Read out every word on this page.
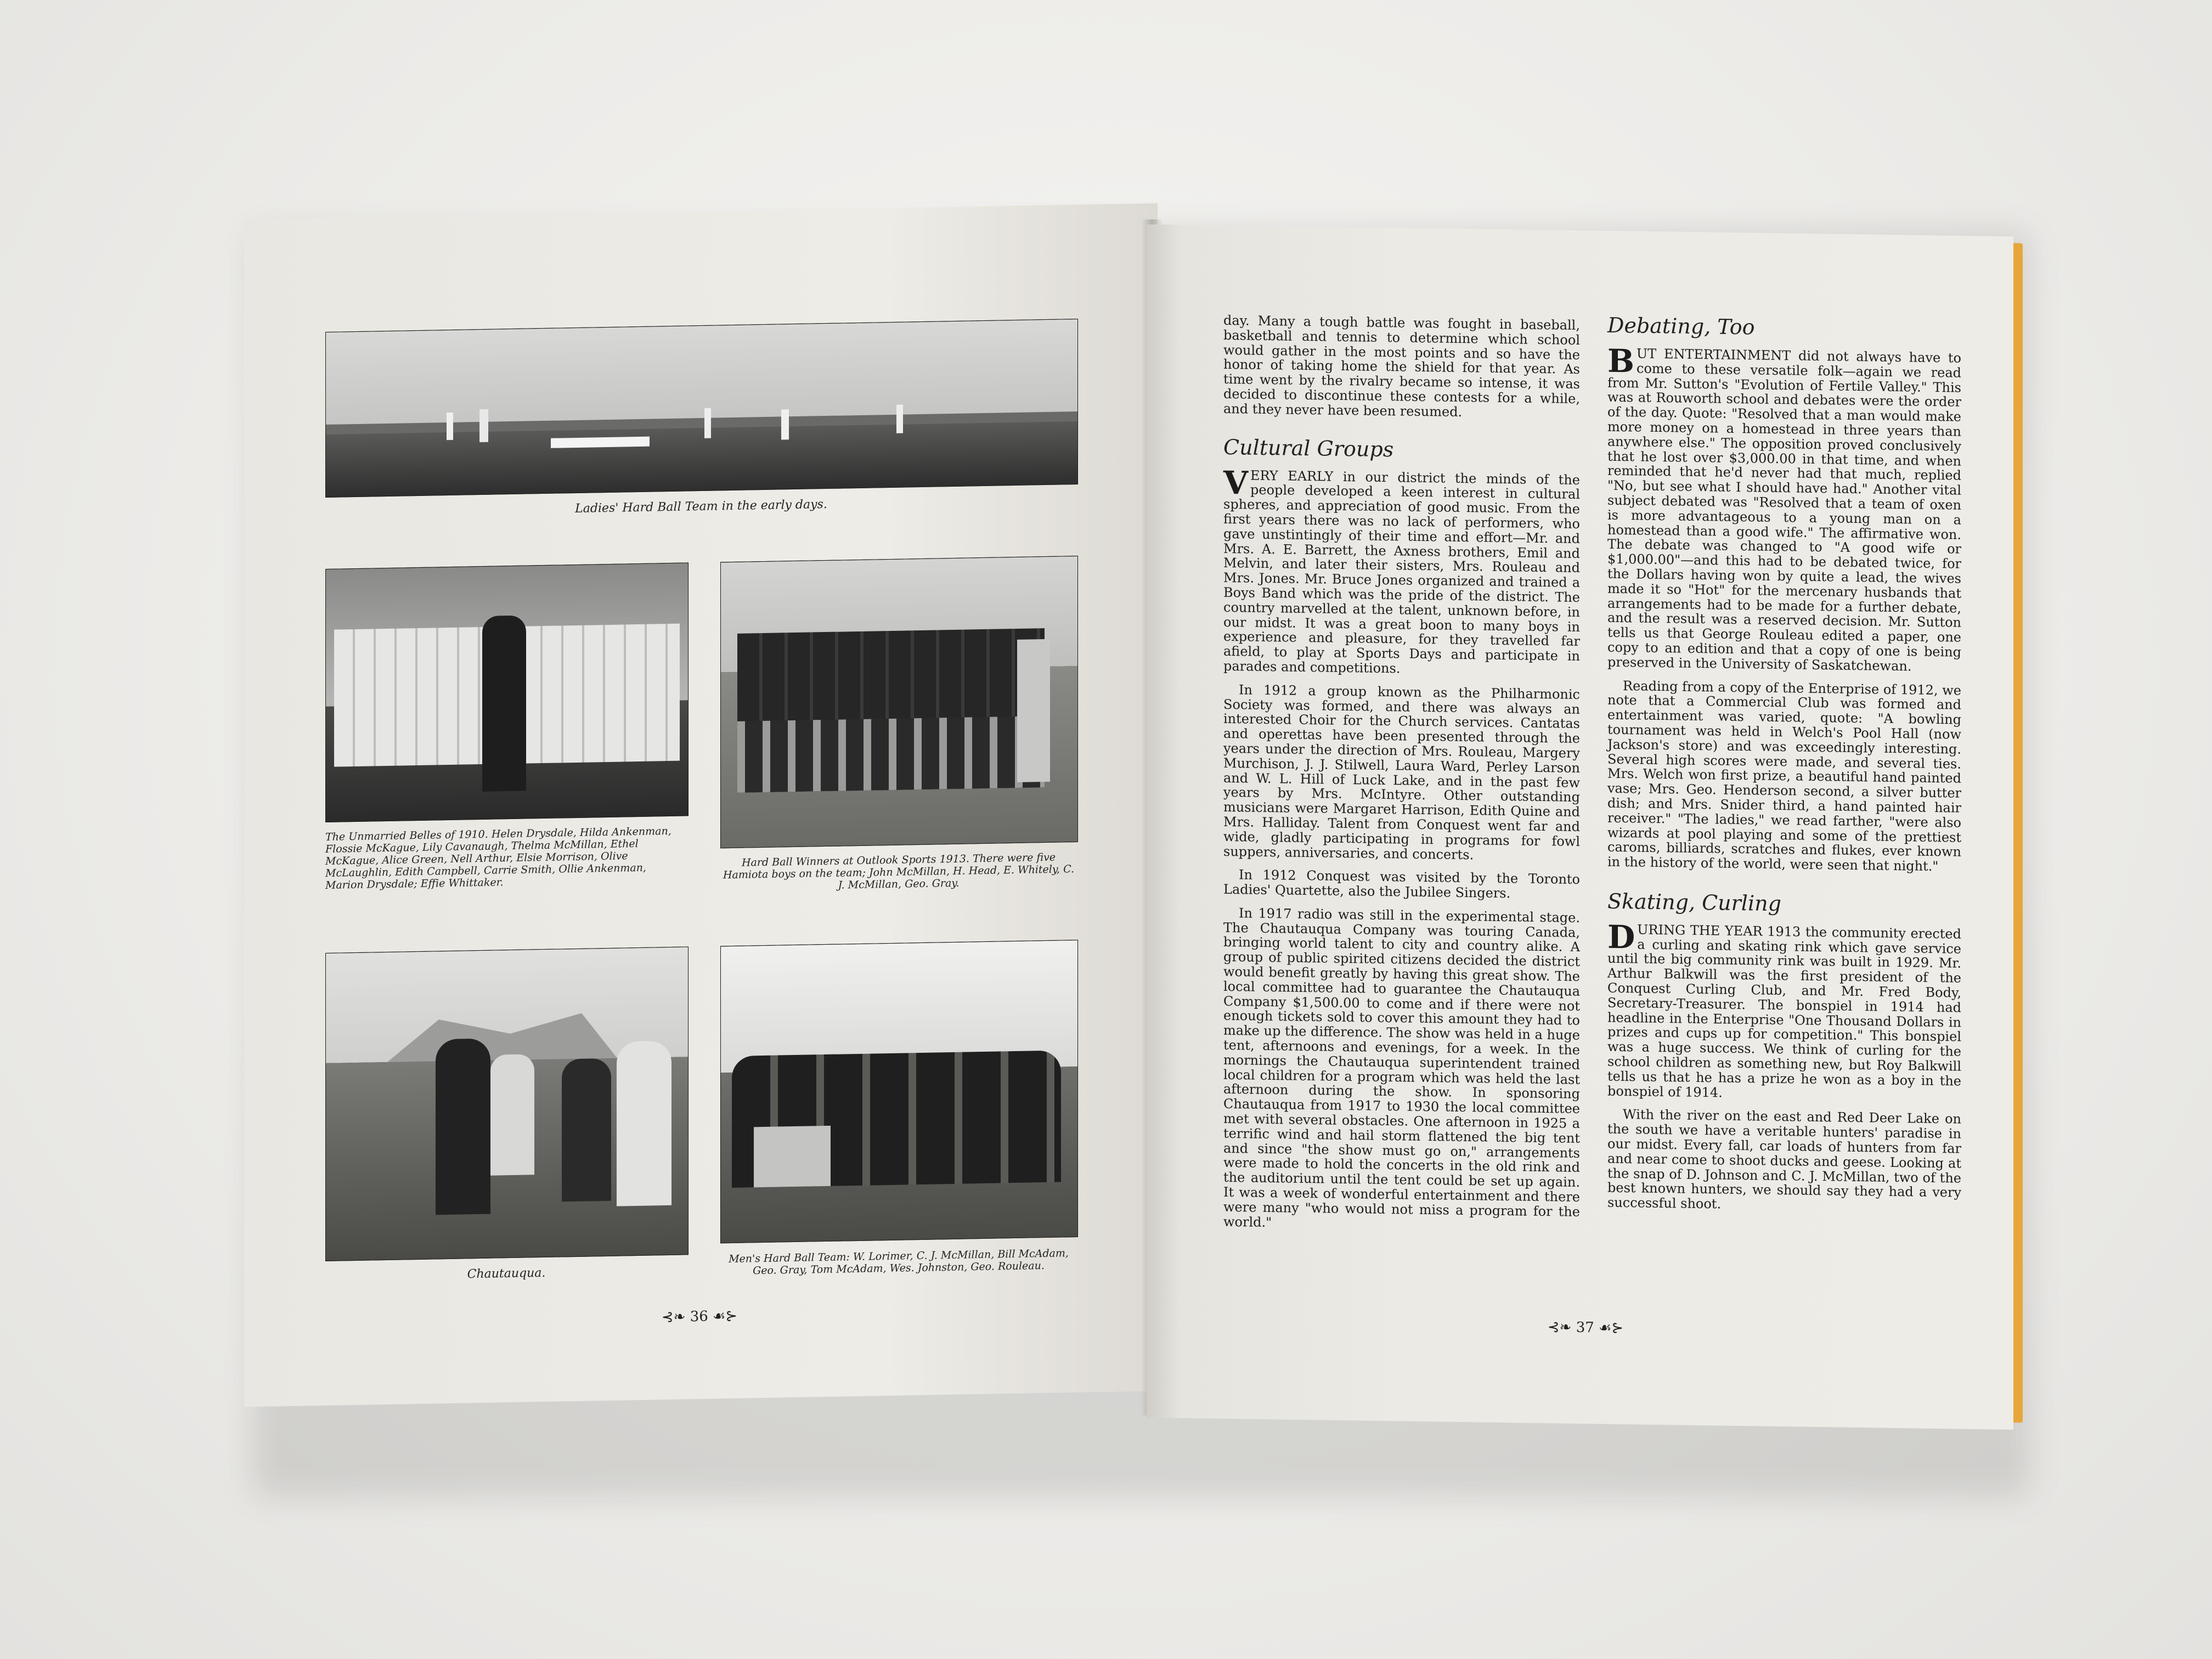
Ladies' Hard Ball Team in the early days.
The Unmarried Belles of 1910. Helen Drysdale, Hilda Ankenman, Flossie McKague, Lily Cavanaugh, Thelma McMillan, Ethel McKague, Alice Green, Nell Arthur, Elsie Morrison, Olive McLaughlin, Edith Campbell, Carrie Smith, Ollie Ankenman, Marion Drysdale; Effie Whittaker.
Hard Ball Winners at Outlook Sports 1913. There were five Hamiota boys on the team; John McMillan, H. Head, E. Whitely, C. J. McMillan, Geo. Gray.
Chautauqua.
Men's Hard Ball Team: W. Lorimer, C. J. McMillan, Bill McAdam, Geo. Gray, Tom McAdam, Wes. Johnston, Geo. Rouleau.
⊰❧ 36 ☙⊱

day. Many a tough battle was fought in baseball, basketball and tennis to determine which school would gather in the most points and so have the honor of taking home the shield for that year. As time went by the rivalry became so intense, it was decided to discontinue these contests for a while, and they never have been resumed.

Cultural Groups

VERY EARLY in our district the minds of the people developed a keen interest in cultural spheres, and appreciation of good music. From the first years there was no lack of performers, who gave unstintingly of their time and effort—Mr. and Mrs. A. E. Barrett, the Axness brothers, Emil and Melvin, and later their sisters, Mrs. Rouleau and Mrs. Jones. Mr. Bruce Jones organized and trained a Boys Band which was the pride of the district. The country marvelled at the talent, unknown before, in our midst. It was a great boon to many boys in experience and pleasure, for they travelled far afield, to play at Sports Days and participate in parades and competitions.

In 1912 a group known as the Philharmonic Society was formed, and there was always an interested Choir for the Church services. Cantatas and operettas have been presented through the years under the direction of Mrs. Rouleau, Margery Murchison, J. J. Stilwell, Laura Ward, Perley Larson and W. L. Hill of Luck Lake, and in the past few years by Mrs. McIntyre. Other outstanding musicians were Margaret Harrison, Edith Quine and Mrs. Halliday. Talent from Conquest went far and wide, gladly participating in programs for fowl suppers, anniversaries, and concerts.

In 1912 Conquest was visited by the Toronto Ladies' Quartette, also the Jubilee Singers.

In 1917 radio was still in the experimental stage. The Chautauqua Company was touring Canada, bringing world talent to city and country alike. A group of public spirited citizens decided the district would benefit greatly by having this great show. The local committee had to guarantee the Chautauqua Company $1,500.00 to come and if there were not enough tickets sold to cover this amount they had to make up the difference. The show was held in a huge tent, afternoons and evenings, for a week. In the mornings the Chautauqua superintendent trained local children for a program which was held the last afternoon during the show. In sponsoring Chautauqua from 1917 to 1930 the local committee met with several obstacles. One afternoon in 1925 a terrific wind and hail storm flattened the big tent and since "the show must go on," arrangements were made to hold the concerts in the old rink and the auditorium until the tent could be set up again. It was a week of wonderful entertainment and there were many "who would not miss a program for the world."

Debating, Too

BUT ENTERTAINMENT did not always have to come to these versatile folk—again we read from Mr. Sutton's "Evolution of Fertile Valley." This was at Rouworth school and debates were the order of the day. Quote: "Resolved that a man would make more money on a homestead in three years than anywhere else." The opposition proved conclusively that he lost over $3,000.00 in that time, and when reminded that he'd never had that much, replied "No, but see what I should have had." Another vital subject debated was "Resolved that a team of oxen is more advantageous to a young man on a homestead than a good wife." The affirmative won. The debate was changed to "A good wife or $1,000.00"—and this had to be debated twice, for the Dollars having won by quite a lead, the wives made it so "Hot" for the mercenary husbands that arrangements had to be made for a further debate, and the result was a reserved decision. Mr. Sutton tells us that George Rouleau edited a paper, one copy to an edition and that a copy of one is being preserved in the University of Saskatchewan.

Reading from a copy of the Enterprise of 1912, we note that a Commercial Club was formed and entertainment was varied, quote: "A bowling tournament was held in Welch's Pool Hall (now Jackson's store) and was exceedingly interesting. Several high scores were made, and several ties. Mrs. Welch won first prize, a beautiful hand painted vase; Mrs. Geo. Henderson second, a silver butter dish; and Mrs. Snider third, a hand painted hair receiver." "The ladies," we read farther, "were also wizards at pool playing and some of the prettiest caroms, billiards, scratches and flukes, ever known in the history of the world, were seen that night."

Skating, Curling

DURING THE YEAR 1913 the community erected a curling and skating rink which gave service until the big community rink was built in 1929. Mr. Arthur Balkwill was the first president of the Conquest Curling Club, and Mr. Fred Body, Secretary-Treasurer. The bonspiel in 1914 had headline in the Enterprise "One Thousand Dollars in prizes and cups up for competition." This bonspiel was a huge success. We think of curling for the school children as something new, but Roy Balkwill tells us that he has a prize he won as a boy in the bonspiel of 1914.

With the river on the east and Red Deer Lake on the south we have a veritable hunters' paradise in our midst. Every fall, car loads of hunters from far and near come to shoot ducks and geese. Looking at the snap of D. Johnson and C. J. McMillan, two of the best known hunters, we should say they had a very successful shoot.

⊰❧ 37 ☙⊱
